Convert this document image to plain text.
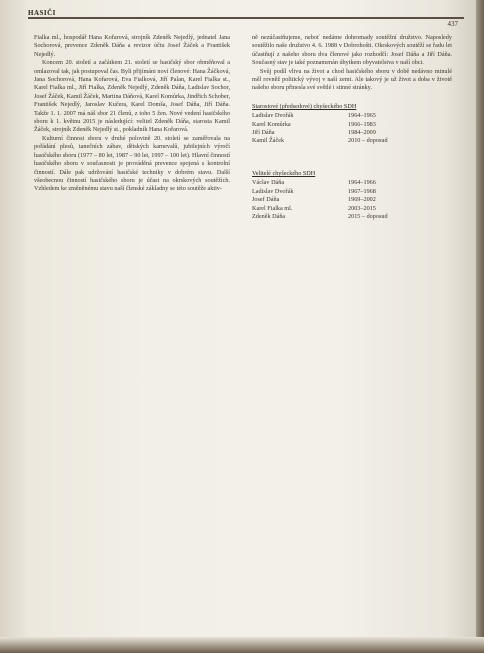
HASIČI
437

Fialka ml., hospodář Hana Kořarová, strojník Zdeněk Nejedlý, jednatel Jana Sochorová, prevence Zdeněk Dáňa a revizor účtu Josef Žáček a František Nejedlý.

Koncem 20. století a začátkem 21. století se hasičský sbor obměňoval a omlazoval tak, jak postupoval čas. Byli přijímáni noví členové: Hana Žáčková, Jana Sochorová, Hana Kořarová, Eva Fialková, Jiří Palan, Karel Fialka st., Karel Fialka ml., Jiří Fialka, Zdeněk Nejedlý, Zdeněk Dáňa, Ladislav Sochor, Josef Žáček, Kamil Žáček, Martina Dáňová, Karel Komůrka, Jindřich Schober, František Nejedlý, Jaroslav Kučera, Karel Domša, Josef Dáňa, Jiří Dáňa. Takže 1. 1. 2007 má náš sbor 21 členů, z toho 5 žen. Nové vedení hasičského sboru k 1. květnu 2015 je následující: velitel Zdeněk Dáňa, starosta Kamil Žáček, strojník Zdeněk Nejedlý st., pokladník Hana Kořarová.

Kulturní činnost sboru v druhé polovině 20. století se zaměřovala na pořádání plesů, tanečních zábav, dětských karnevalů, jubilejních výročí hasičského sboru (1977 – 80 let, 1987 – 90 let, 1997 – 100 let). Hlavní činností hasičského sboru v současnosti je prováděná prevence spojená s kontrolní činností. Dále pak udržování hasičské techniky v dobrém stavu. Další všeobecnou činností hasičského sboru je účast na okrskových soutěžích. Vzhledem ke změněnému stavu naší členské základny se této soutěže aktiv-

ně nezúčastňujeme, neboť nedáme dohromady soutěžní družstvo. Naposledy soutěžilo naše družstvo 4. 6. 1988 v Dobrohošti. Okrskových soutěží se řadu let účastňují z našeho sboru dva členové jako rozhodčí: Josef Dáňa a Jiří Dáňa. Současný stav je také poznamenán úbytkem obyvatelstva v naší obci.

Svůj podíl vlivu na život a chod hasičského sboru v době nedávno minulé měl rovněž politický vývoj v naší zemi. Ale takový je už život a doba v životě našeho sboru přinesla své světlé i stinné stránky.

Starostové (předsedové) chyšeckého SDH
Ladislav Dvořák	1964–1965
Karel Komůrka	1966–1983
Jiří Dáňa	1984–2009
Kamil Žáček	2010 – doposud
Velitelé chyšeckého SDH
Václav Dáňa	1964–1966
Ladislav Dvořák	1967–1968
Josef Dáňa	1969–2002
Karel Fialka ml.	2003–2015
Zdeněk Dáňa	2015 – doposud
